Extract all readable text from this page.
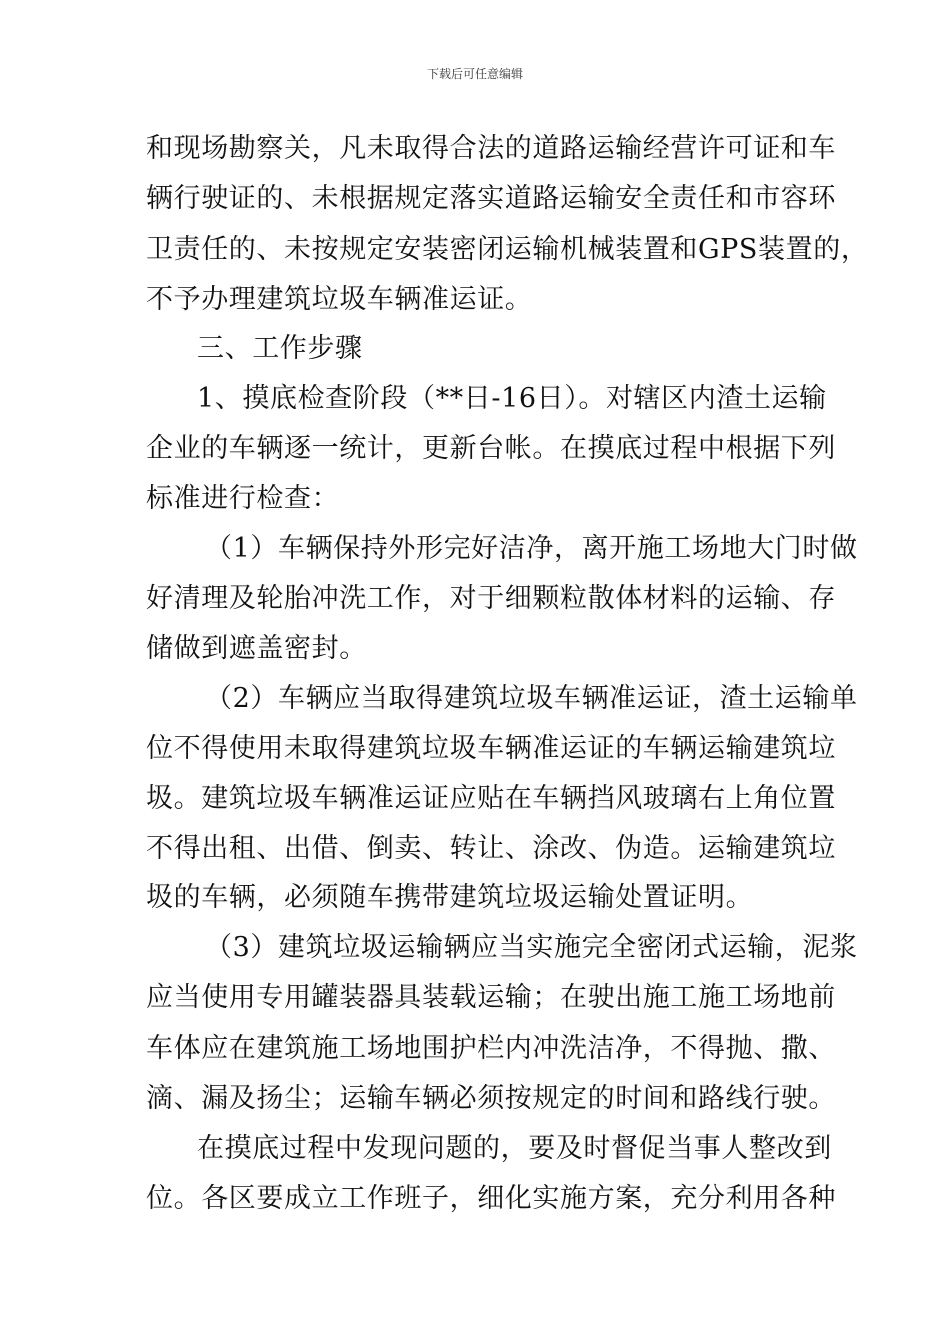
下载后可任意编辑
和现场勘察关，凡未取得合法的道路运输经营许可证和车
辆行驶证的、未根据规定落实道路运输安全责任和市容环
卫责任的、未按规定安装密闭运输机械装置和GPS装置的，
不予办理建筑垃圾车辆准运证。
三、工作步骤
1、摸底检查阶段（**日-16日）。对辖区内渣土运输
企业的车辆逐一统计，更新台帐。在摸底过程中根据下列
标准进行检查：
（1）车辆保持外形完好洁净，离开施工场地大门时做
好清理及轮胎冲洗工作，对于细颗粒散体材料的运输、存
储做到遮盖密封。
（2）车辆应当取得建筑垃圾车辆准运证，渣土运输单
位不得使用未取得建筑垃圾车辆准运证的车辆运输建筑垃
圾。建筑垃圾车辆准运证应贴在车辆挡风玻璃右上角位置
不得出租、出借、倒卖、转让、涂改、伪造。运输建筑垃
圾的车辆，必须随车携带建筑垃圾运输处置证明。
（3）建筑垃圾运输辆应当实施完全密闭式运输，泥浆
应当使用专用罐装器具装载运输；在驶出施工施工场地前
车体应在建筑施工场地围护栏内冲洗洁净，不得抛、撒、
滴、漏及扬尘；运输车辆必须按规定的时间和路线行驶。
在摸底过程中发现问题的，要及时督促当事人整改到
位。各区要成立工作班子，细化实施方案，充分利用各种
